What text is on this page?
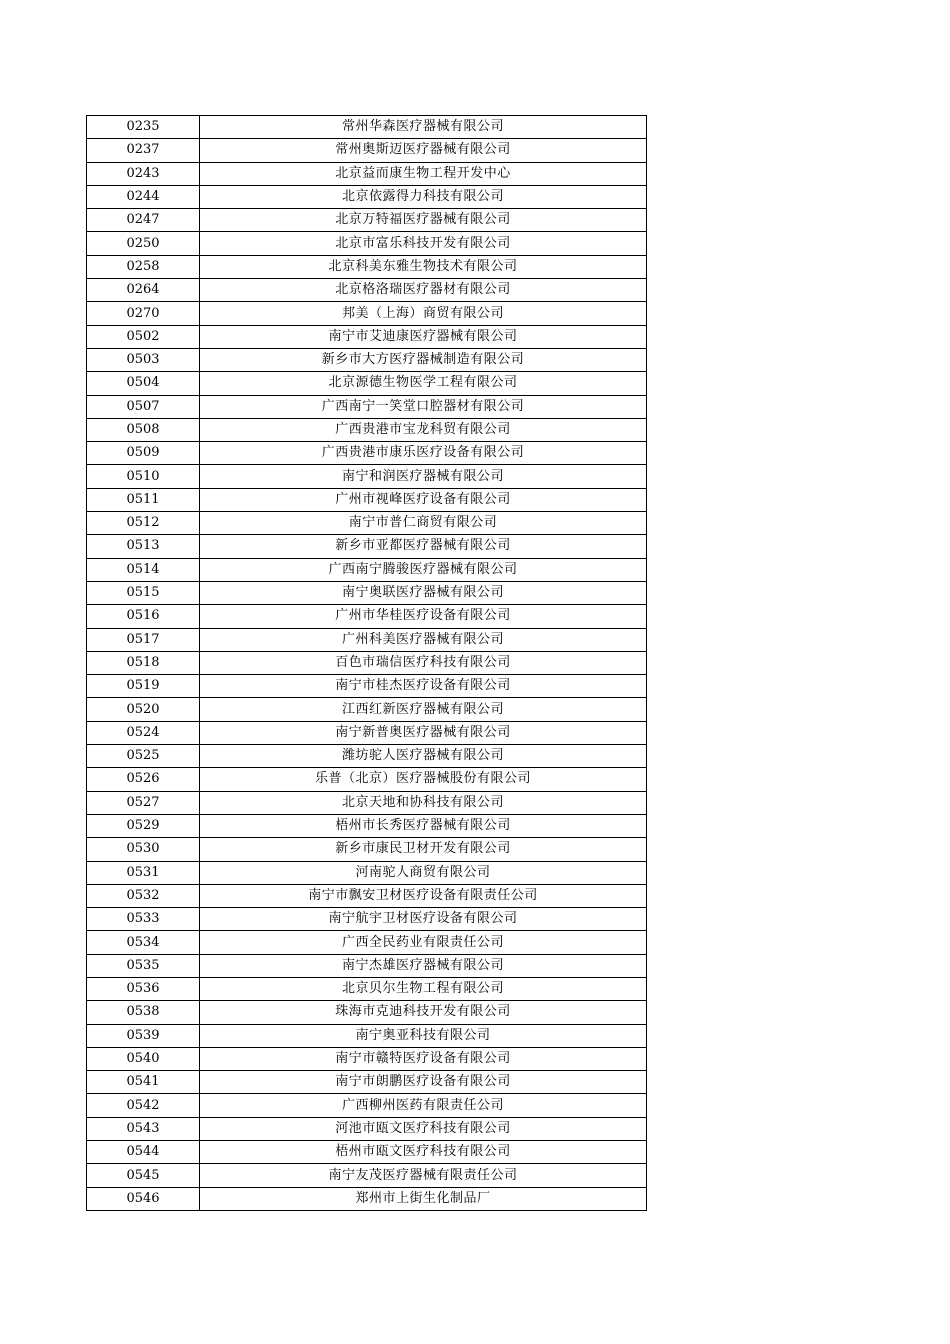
0235	常州华森医疗器械有限公司
0237	常州奥斯迈医疗器械有限公司
0243	北京益而康生物工程开发中心
0244	北京依露得力科技有限公司
0247	北京万特福医疗器械有限公司
0250	北京市富乐科技开发有限公司
0258	北京科美东雅生物技术有限公司
0264	北京格洛瑞医疗器材有限公司
0270	邦美（上海）商贸有限公司
0502	南宁市艾迪康医疗器械有限公司
0503	新乡市大方医疗器械制造有限公司
0504	北京源德生物医学工程有限公司
0507	广西南宁一笑堂口腔器材有限公司
0508	广西贵港市宝龙科贸有限公司
0509	广西贵港市康乐医疗设备有限公司
0510	南宁和润医疗器械有限公司
0511	广州市视峰医疗设备有限公司
0512	南宁市普仁商贸有限公司
0513	新乡市亚都医疗器械有限公司
0514	广西南宁腾骏医疗器械有限公司
0515	南宁奥联医疗器械有限公司
0516	广州市华桂医疗设备有限公司
0517	广州科美医疗器械有限公司
0518	百色市瑞信医疗科技有限公司
0519	南宁市桂杰医疗设备有限公司
0520	江西红新医疗器械有限公司
0524	南宁新普奥医疗器械有限公司
0525	潍坊驼人医疗器械有限公司
0526	乐普（北京）医疗器械股份有限公司
0527	北京天地和协科技有限公司
0529	梧州市长秀医疗器械有限公司
0530	新乡市康民卫材开发有限公司
0531	河南驼人商贸有限公司
0532	南宁市飘安卫材医疗设备有限责任公司
0533	南宁航宇卫材医疗设备有限公司
0534	广西全民药业有限责任公司
0535	南宁杰雄医疗器械有限公司
0536	北京贝尔生物工程有限公司
0538	珠海市克迪科技开发有限公司
0539	南宁奥亚科技有限公司
0540	南宁市赣特医疗设备有限公司
0541	南宁市朗鹏医疗设备有限公司
0542	广西柳州医药有限责任公司
0543	河池市瓯文医疗科技有限公司
0544	梧州市瓯文医疗科技有限公司
0545	南宁友茂医疗器械有限责任公司
0546	郑州市上街生化制品厂
